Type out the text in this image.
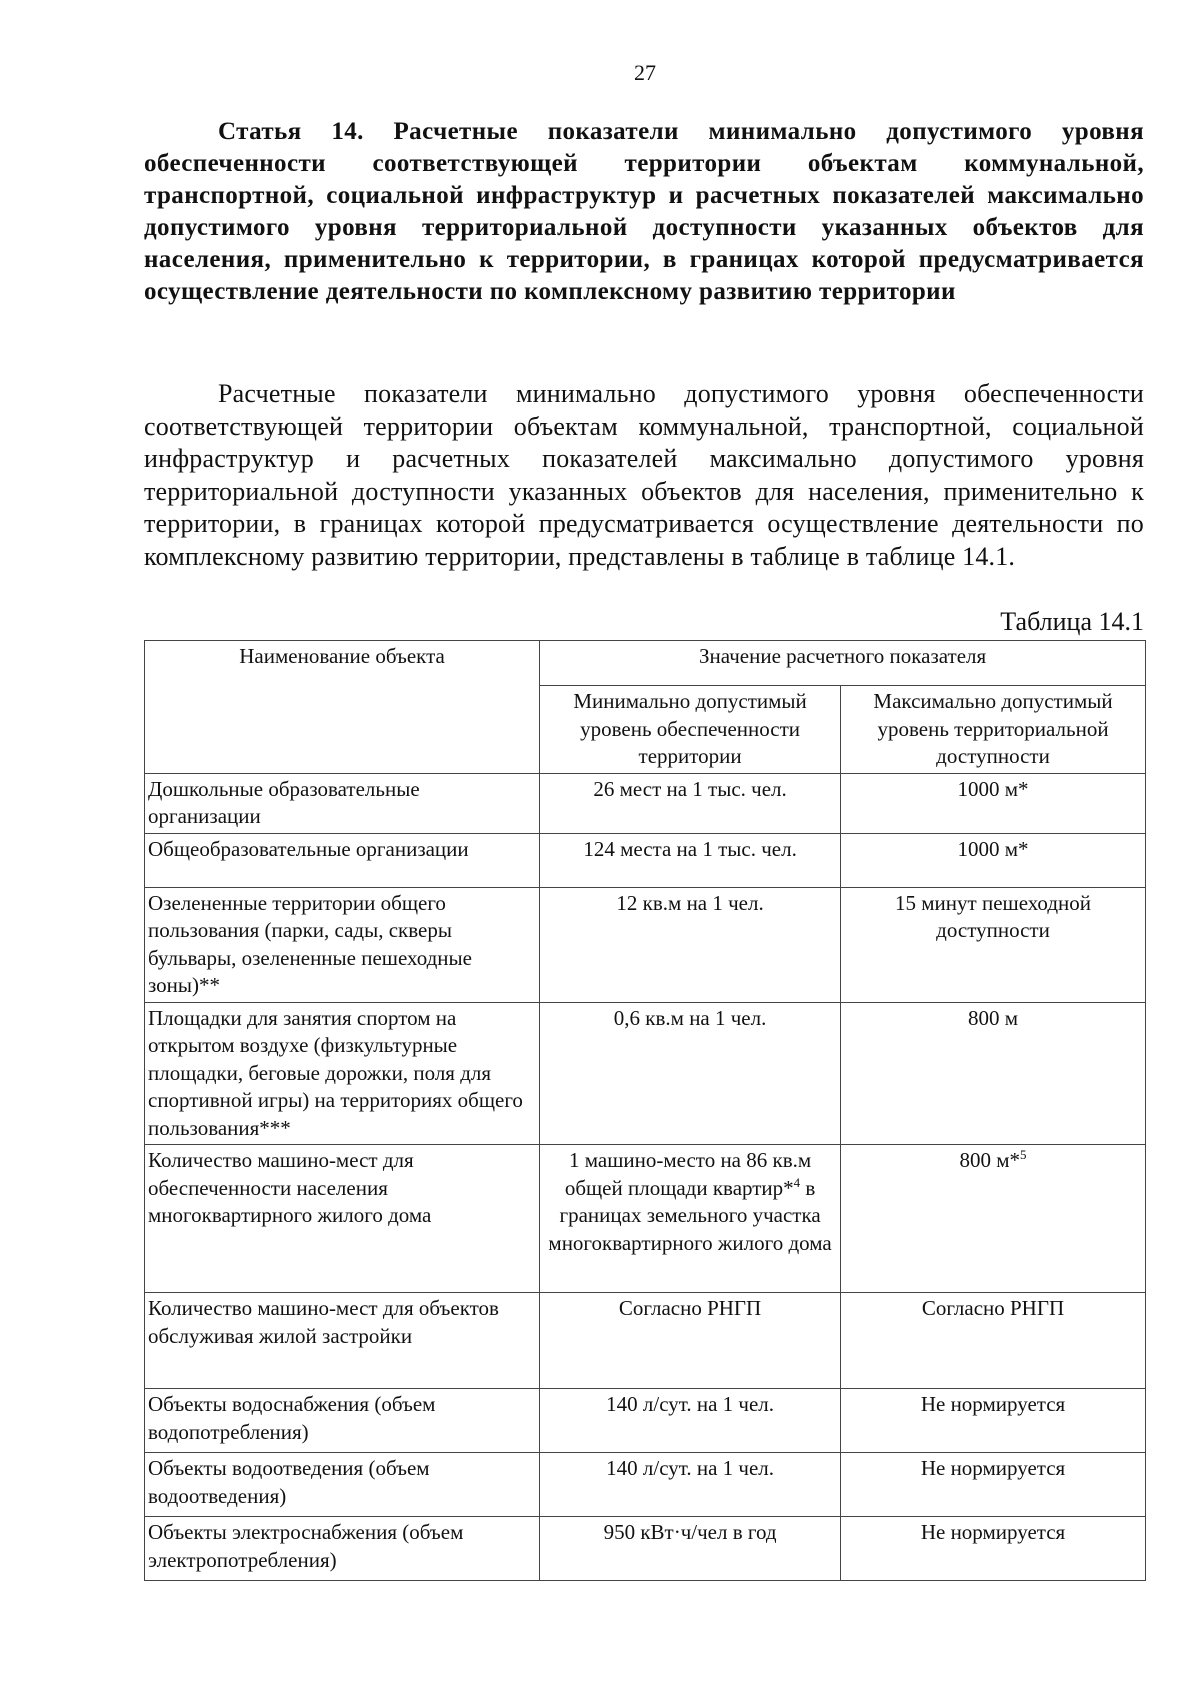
27
Статья 14. Расчетные показатели минимально допустимого уровня обеспеченности соответствующей территории объектам коммунальной, транспортной, социальной инфраструктур и расчетных показателей максимально допустимого уровня территориальной доступности указанных объектов для населения, применительно к территории, в границах которой предусматривается осуществление деятельности по комплексному развитию территории
Расчетные показатели минимально допустимого уровня обеспеченности соответствующей территории объектам коммунальной, транспортной, социальной инфраструктур и расчетных показателей максимально допустимого уровня территориальной доступности указанных объектов для населения, применительно к территории, в границах которой предусматривается осуществление деятельности по комплексному развитию территории, представлены в таблице в таблице 14.1.
Таблица 14.1
Наименование объекта	Значение расчетного показателя	
	Минимально допустимый уровень обеспеченности территории	Максимально допустимый уровень территориальной доступности
Дошкольные образовательные организации	26 мест на 1 тыс. чел.	1000 м*
Общеобразовательные организации	124 места на 1 тыс. чел.	1000 м*
Озелененные территории общего пользования (парки, сады, скверы бульвары, озелененные пешеходные зоны)**	12 кв.м на 1 чел.	15 минут пешеходной доступности
Площадки для занятия спортом на открытом воздухе (физкультурные площадки, беговые дорожки, поля для спортивной игры) на территориях общего пользования***	0,6 кв.м на 1 чел.	800 м
Количество машино-мест для обеспеченности населения многоквартирного жилого дома	1 машино-место на 86 кв.м общей площади квартир*$^4$ в границах земельного участка многоквартирного жилого дома	800 м*$^5$
Количество машино-мест для объектов обслуживая жилой застройки	Согласно РНГП	Согласно РНГП
Объекты водоснабжения (объем водопотребления)	140 л/сут. на 1 чел.	Не нормируется
Объекты водоотведения (объем водоотведения)	140 л/сут. на 1 чел.	Не нормируется
Объекты электроснабжения (объем электропотребления)	950 кВт·ч/чел в год	Не нормируется
